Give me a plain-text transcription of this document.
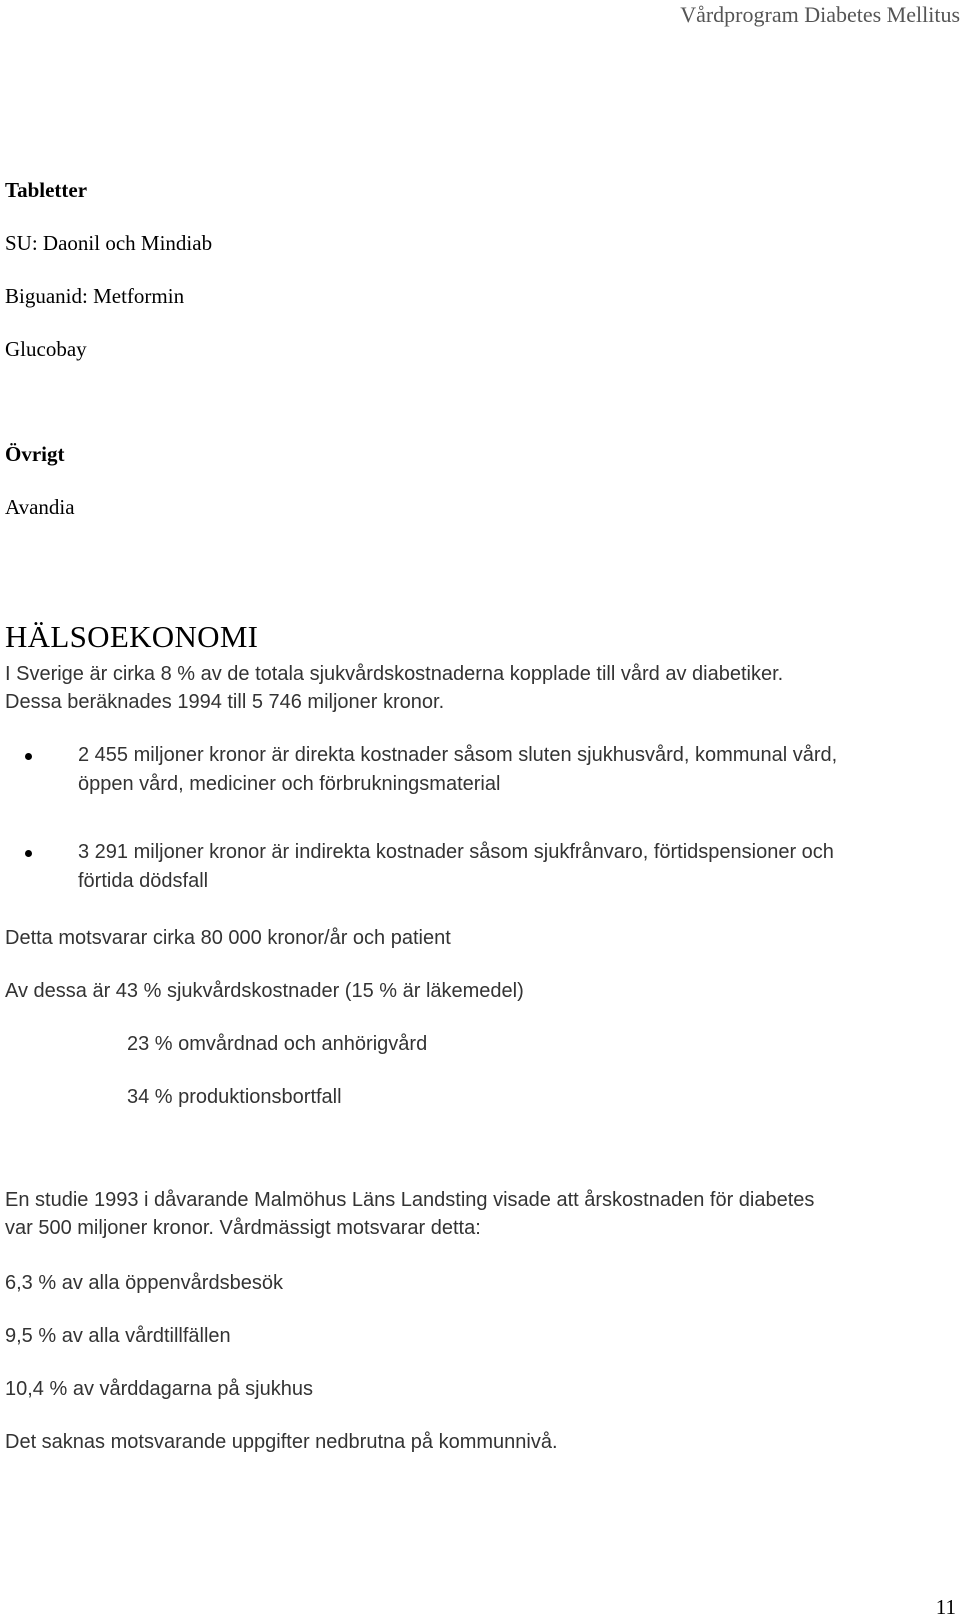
Vårdprogram Diabetes Mellitus
Tabletter
SU: Daonil och Mindiab
Biguanid: Metformin
Glucobay
Övrigt
Avandia
HÄLSOEKONOMI
I Sverige är cirka 8 % av de totala sjukvårdskostnaderna kopplade till vård av diabetiker.
Dessa beräknades 1994 till 5 746 miljoner kronor.
2 455 miljoner kronor är direkta kostnader såsom sluten sjukhusvård, kommunal vård,
öppen vård, mediciner och förbrukningsmaterial
3 291 miljoner kronor är indirekta kostnader såsom sjukfrånvaro, förtidspensioner och
förtida dödsfall
Detta motsvarar cirka 80 000 kronor/år och patient
Av dessa är 43 % sjukvårdskostnader (15 % är läkemedel)
23 % omvårdnad och anhörigvård
34 % produktionsbortfall
En studie 1993 i dåvarande Malmöhus Läns Landsting visade att årskostnaden för diabetes
var 500 miljoner kronor. Vårdmässigt motsvarar detta:
6,3 % av alla öppenvårdsbesök
9,5 % av alla vårdtillfällen
10,4 % av vårddagarna på sjukhus
Det saknas motsvarande uppgifter nedbrutna på kommunnivå.
11
